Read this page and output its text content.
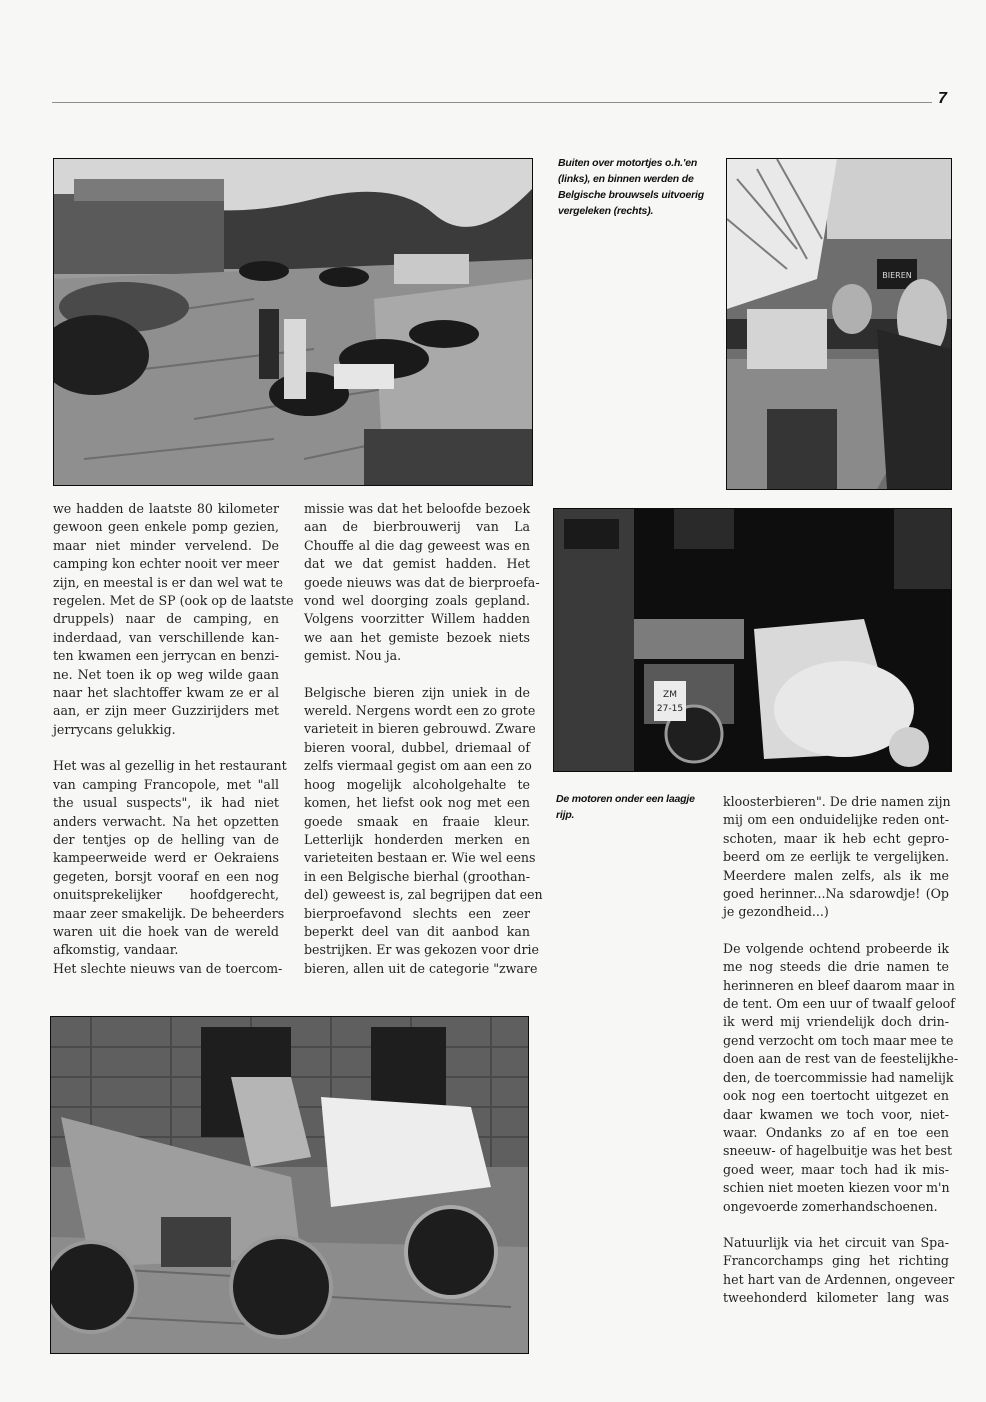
7
Buiten over motortjes o.h.'en
(links), en binnen werden de
Belgische brouwsels uitvoerig
vergeleken (rechts).
BIEREN
ZM
27-15
De motoren onder een laagje
rijp.

we hadden de laatste 80 kilometer
gewoon geen enkele pomp gezien,
maar niet minder vervelend. De
camping kon echter nooit ver meer
zijn, en meestal is er dan wel wat te
regelen. Met de SP (ook op de laatste
druppels) naar de camping, en
inderdaad, van verschillende kan-
ten kwamen een jerrycan en benzi-
ne. Net toen ik op weg wilde gaan
naar het slachtoffer kwam ze er al
aan, er zijn meer Guzzirijders met
jerrycans gelukkig.

Het was al gezellig in het restaurant
van camping Francopole, met "all
the usual suspects", ik had niet
anders verwacht. Na het opzetten
der tentjes op de helling van de
kampeerweide werd er Oekraiens
gegeten, borsjt vooraf en een nog
onuitsprekelijker hoofdgerecht,
maar zeer smakelijk. De beheerders
waren uit die hoek van de wereld
afkomstig, vandaar.

Het slechte nieuws van de toercom-

missie was dat het beloofde bezoek
aan de bierbrouwerij van La
Chouffe al die dag geweest was en
dat we dat gemist hadden. Het
goede nieuws was dat de bierproefa-
vond wel doorging zoals gepland.
Volgens voorzitter Willem hadden
we aan het gemiste bezoek niets
gemist. Nou ja.

Belgische bieren zijn uniek in de
wereld. Nergens wordt een zo grote
varieteit in bieren gebrouwd. Zware
bieren vooral, dubbel, driemaal of
zelfs viermaal gegist om aan een zo
hoog mogelijk alcoholgehalte te
komen, het liefst ook nog met een
goede smaak en fraaie kleur.
Letterlijk honderden merken en
varieteiten bestaan er. Wie wel eens
in een Belgische bierhal (groothan-
del) geweest is, zal begrijpen dat een
bierproefavond slechts een zeer
beperkt deel van dit aanbod kan
bestrijken. Er was gekozen voor drie
bieren, allen uit de categorie "zware

kloosterbieren". De drie namen zijn
mij om een onduidelijke reden ont-
schoten, maar ik heb echt gepro-
beerd om ze eerlijk te vergelijken.
Meerdere malen zelfs, als ik me
goed herinner...Na sdarowdje! (Op
je gezondheid...)

De volgende ochtend probeerde ik
me nog steeds die drie namen te
herinneren en bleef daarom maar in
de tent. Om een uur of twaalf geloof
ik werd mij vriendelijk doch drin-
gend verzocht om toch maar mee te
doen aan de rest van de feestelijkhe-
den, de toercommissie had namelijk
ook nog een toertocht uitgezet en
daar kwamen we toch voor, niet-
waar. Ondanks zo af en toe een
sneeuw- of hagelbuitje was het best
goed weer, maar toch had ik mis-
schien niet moeten kiezen voor m'n
ongevoerde zomerhandschoenen.

Natuurlijk via het circuit van Spa-
Francorchamps ging het richting
het hart van de Ardennen, ongeveer
tweehonderd kilometer lang was
